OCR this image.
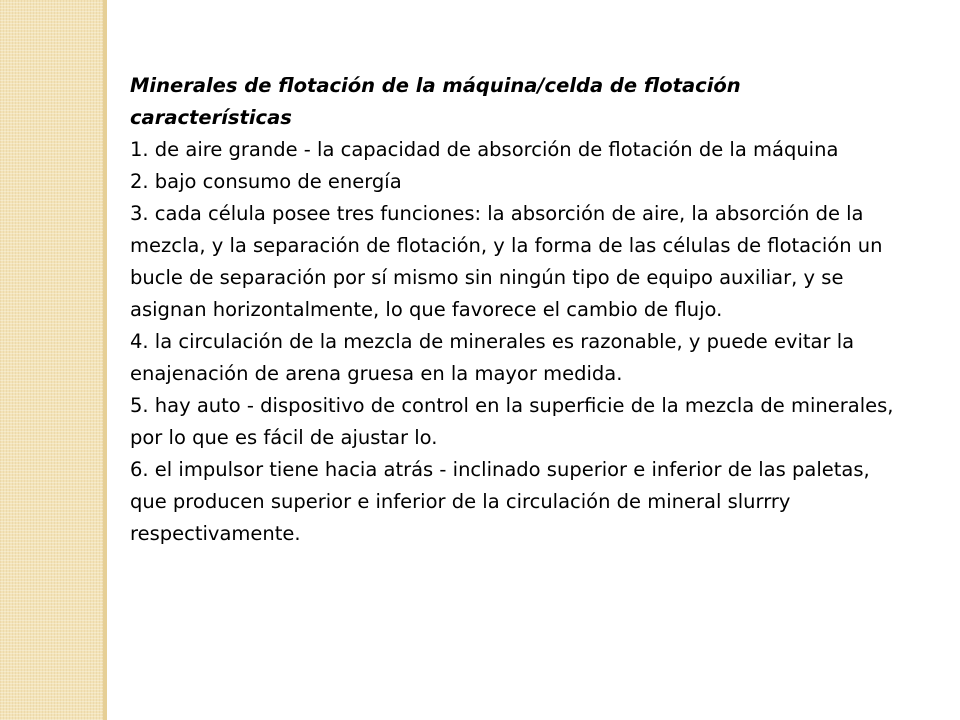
Minerales de flotación de la máquina/celda de flotación características

1. de aire grande - la capacidad de absorción de flotación de la máquina

2. bajo consumo de energía

3. cada célula posee tres funciones: la absorción de aire, la absorción de la mezcla, y la separación de flotación, y la forma de las células de flotación un bucle de separación por sí mismo sin ningún tipo de equipo auxiliar, y se asignan horizontalmente, lo que favorece el cambio de flujo.

4. la circulación de la mezcla de minerales es razonable, y puede evitar la enajenación de arena gruesa en la mayor medida.

5. hay auto - dispositivo de control en la superficie de la mezcla de minerales, por lo que es fácil de ajustar lo.

6. el impulsor tiene hacia atrás - inclinado superior e inferior de las paletas, que producen superior e inferior de la circulación de mineral slurrry respectivamente.
